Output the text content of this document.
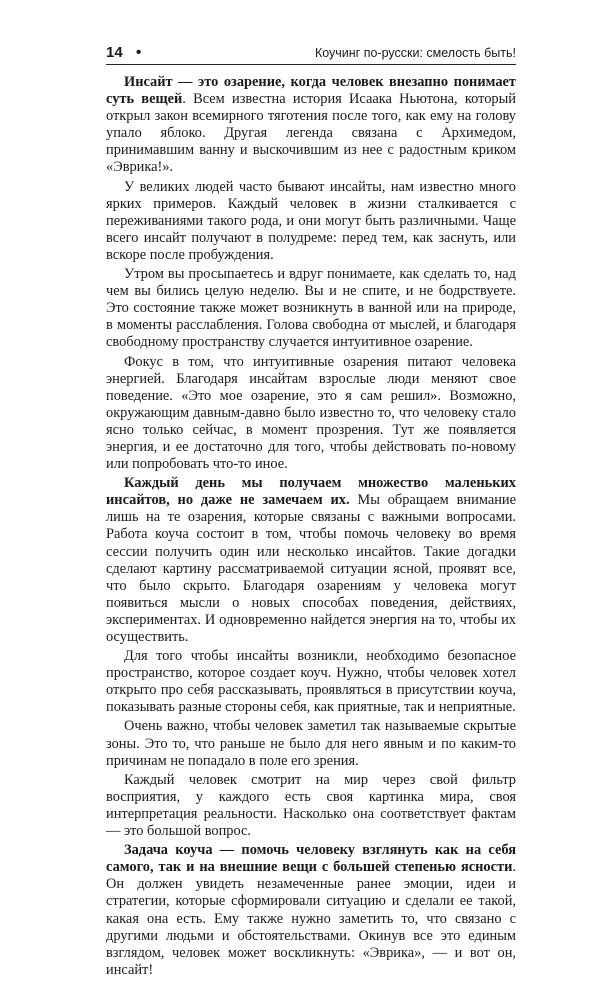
14 •	Коучинг по-русски: смелость быть!

Инсайт — это озарение, когда человек внезапно понимает суть вещей. Всем известна история Исаака Ньютона, который открыл закон всемирного тяготения после того, как ему на голову упало яблоко. Другая легенда связана с Архимедом, принимавшим ванну и выскочившим из нее с радостным криком «Эврика!».

У великих людей часто бывают инсайты, нам известно много ярких примеров. Каждый человек в жизни сталкивается с переживаниями такого рода, и они могут быть различными. Чаще всего инсайт получают в полудреме: перед тем, как заснуть, или вскоре после пробуждения.

Утром вы просыпаетесь и вдруг понимаете, как сделать то, над чем вы бились целую неделю. Вы и не спите, и не бодрствуете. Это состояние также может возникнуть в ванной или на природе, в моменты расслабления. Голова свободна от мыслей, и благодаря свободному пространству случается интуитивное озарение.

Фокус в том, что интуитивные озарения питают человека энергией. Благодаря инсайтам взрослые люди меняют свое поведение. «Это мое озарение, это я сам решил». Возможно, окружающим давным-давно было известно то, что человеку стало ясно только сейчас, в момент прозрения. Тут же появляется энергия, и ее достаточно для того, чтобы действовать по-новому или попробовать что-то иное.

Каждый день мы получаем множество маленьких инсайтов, но даже не замечаем их. Мы обращаем внимание лишь на те озарения, которые связаны с важными вопросами. Работа коуча состоит в том, чтобы помочь человеку во время сессии получить один или несколько инсайтов. Такие догадки сделают картину рассматриваемой ситуации ясной, проявят все, что было скрыто. Благодаря озарениям у человека могут появиться мысли о новых способах поведения, действиях, экспериментах. И одновременно найдется энергия на то, чтобы их осуществить.

Для того чтобы инсайты возникли, необходимо безопасное пространство, которое создает коуч. Нужно, чтобы человек хотел открыто про себя рассказывать, проявляться в присутствии коуча, показывать разные стороны себя, как приятные, так и неприятные.

Очень важно, чтобы человек заметил так называемые скрытые зоны. Это то, что раньше не было для него явным и по каким-то причинам не попадало в поле его зрения.

Каждый человек смотрит на мир через свой фильтр восприятия, у каждого есть своя картинка мира, своя интерпретация реальности. Насколько она соответствует фактам — это большой вопрос.

Задача коуча — помочь человеку взглянуть как на себя самого, так и на внешние вещи с большей степенью ясности. Он должен увидеть незамеченные ранее эмоции, идеи и стратегии, которые сформировали ситуацию и сделали ее такой, какая она есть. Ему также нужно заметить то, что связано с другими людьми и обстоятельствами. Окинув все это единым взглядом, человек может воскликнуть: «Эврика», — и вот он, инсайт!
